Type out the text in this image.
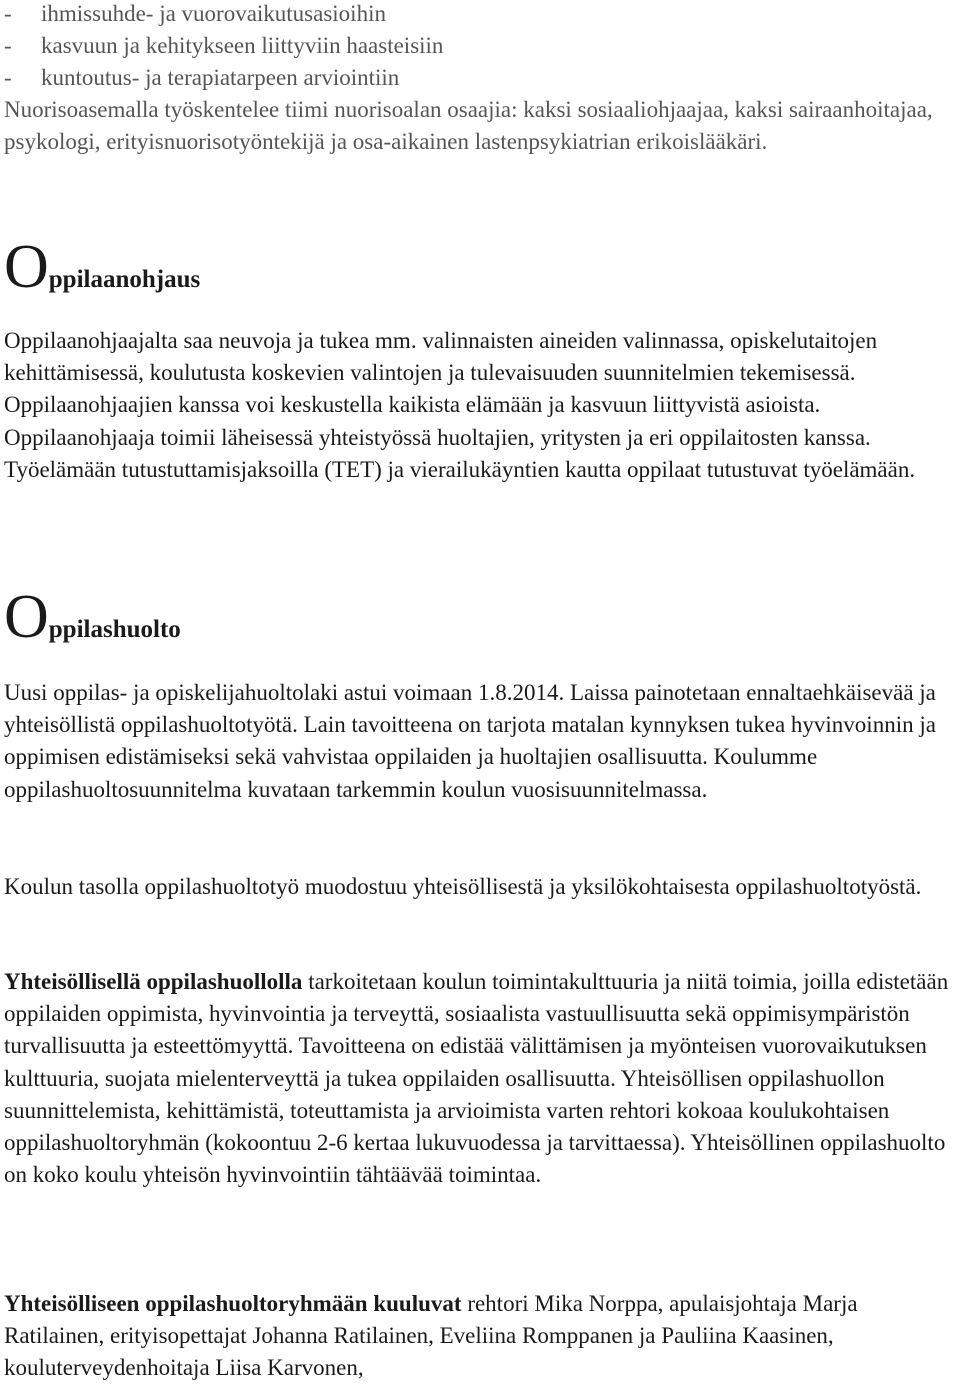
- ihmissuhde- ja vuorovaikutusasioihin
- kasvuun ja kehitykseen liittyviin haasteisiin
- kuntoutus- ja terapiatarpeen arviointiin

Nuorisoasemalla työskentelee tiimi nuorisoalan osaajia: kaksi sosiaaliohjaajaa, kaksi sairaanhoitajaa, psykologi, erityisnuorisotyöntekijä ja osa-aikainen lastenpsykiatrian erikoislääkäri.

Oppilaanohjaus

Oppilaanohjaajalta saa neuvoja ja tukea mm. valinnaisten aineiden valinnassa, opiskelutaitojen kehittämisessä, koulutusta koskevien valintojen ja tulevaisuuden suunnitelmien tekemisessä. Oppilaanohjaajien kanssa voi keskustella kaikista elämään ja kasvuun liittyvistä asioista. Oppilaanohjaaja toimii läheisessä yhteistyössä huoltajien, yritysten ja eri oppilaitosten kanssa. Työelämään tutustuttamisjaksoilla (TET) ja vierailukäyntien kautta oppilaat tutustuvat työelämään.

Oppilashuolto

Uusi oppilas- ja opiskelijahuoltolaki astui voimaan 1.8.2014. Laissa painotetaan ennaltaehkäisevää ja yhteisöllistä oppilashuoltotyötä. Lain tavoitteena on tarjota matalan kynnyksen tukea hyvinvoinnin ja oppimisen edistämiseksi sekä vahvistaa oppilaiden ja huoltajien osallisuutta. Koulumme oppilashuoltosuunnitelma kuvataan tarkemmin koulun vuosisuunnitelmassa.

Koulun tasolla oppilashuoltotyö muodostuu yhteisöllisestä ja yksilökohtaisesta oppilashuoltotyöstä.

Yhteisöllisellä oppilashuollolla tarkoitetaan koulun toimintakulttuuria ja niitä toimia, joilla edistetään oppilaiden oppimista, hyvinvointia ja terveyttä, sosiaalista vastuullisuutta sekä oppimisympäristön turvallisuutta ja esteettömyyttä. Tavoitteena on edistää välittämisen ja myönteisen vuorovaikutuksen kulttuuria, suojata mielenterveyttä ja tukea oppilaiden osallisuutta. Yhteisöllisen oppilashuollon suunnittelemista, kehittämistä, toteuttamista ja arvioimista varten rehtori kokoaa koulukohtaisen oppilashuoltoryhmän (kokoontuu 2-6 kertaa lukuvuodessa ja tarvittaessa). Yhteisöllinen oppilashuolto on koko koulu yhteisön hyvinvointiin tähtäävää toimintaa.

Yhteisölliseen oppilashuoltoryhmään kuuluvat rehtori Mika Norppa, apulaisjohtaja Marja Ratilainen, erityisopettajat Johanna Ratilainen, Eveliina Romppanen ja Pauliina Kaasinen, kouluterveydenhoitaja Liisa Karvonen,
